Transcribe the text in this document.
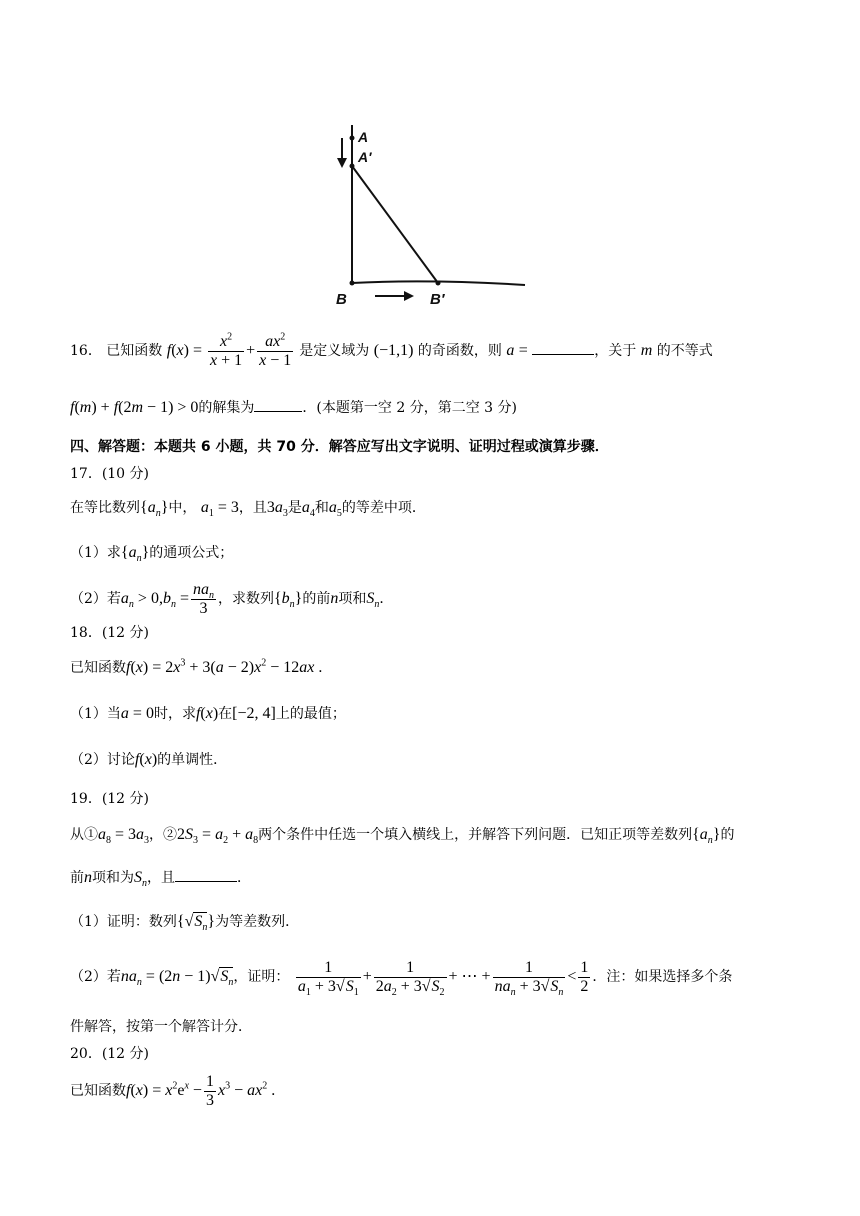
A
A′
B	B′
16． 已知函数 $f(x) = \frac{x^2}{x + 1} + \frac{ax^2}{x - 1}$ 是定义域为 (−1,1) 的奇函数，则 a =	，关于 m 的不等式
f(m) + f(2m − 1) > 0的解集为	．(本题第一空 2 分，第二空 3 分)
四、解答题：本题共 6 小题，共 70 分．解答应写出文字说明、证明过程或演算步骤．
17．(10 分)
在等比数列$\{a_n\}$中， $a_1 = 3$，且$3a_3$是$a_4$和$a_5$的等差中项．
（1）求$\{a_n\}$的通项公式；
（2）若$a_n > 0,b_n = \frac{na_n}{3}$ ，求数列$\{b_n\}$的前n项和$S_n$．
18．(12 分)
已知函数$f(x) = 2x^3 + 3(a - 2)x^2 - 12ax$ .
（1）当a = 0时，求f(x)在[−2, 4]上的最值；
（2）讨论f(x)的单调性．
19．(12 分)
从$①a_8 = 3a_3$，$②2S_3 = a_2 + a_8$两个条件中任选一个填入横线上，并解答下列问题．已知正项等差数列$\{a_n\}$的
前n项和为$S_n$，且	．
（1）证明：数列$\{√S_n\}$为等差数列．
（2）若$na_n = (2n - 1)√S_n$，证明： $\frac{1}{a_1 + 3√S_1} + \frac{1}{2a_2 + 3√S_2}$ + ⋯ + $\frac{1}{na_n + 3√S_n} < \frac{1}{2}$ ．注：如果选择多个条
件解答，按第一个解答计分．
20．(12 分)
已知函数$f(x) = x^2e^x - \frac{1}{3} x^3 - ax^2$ .
